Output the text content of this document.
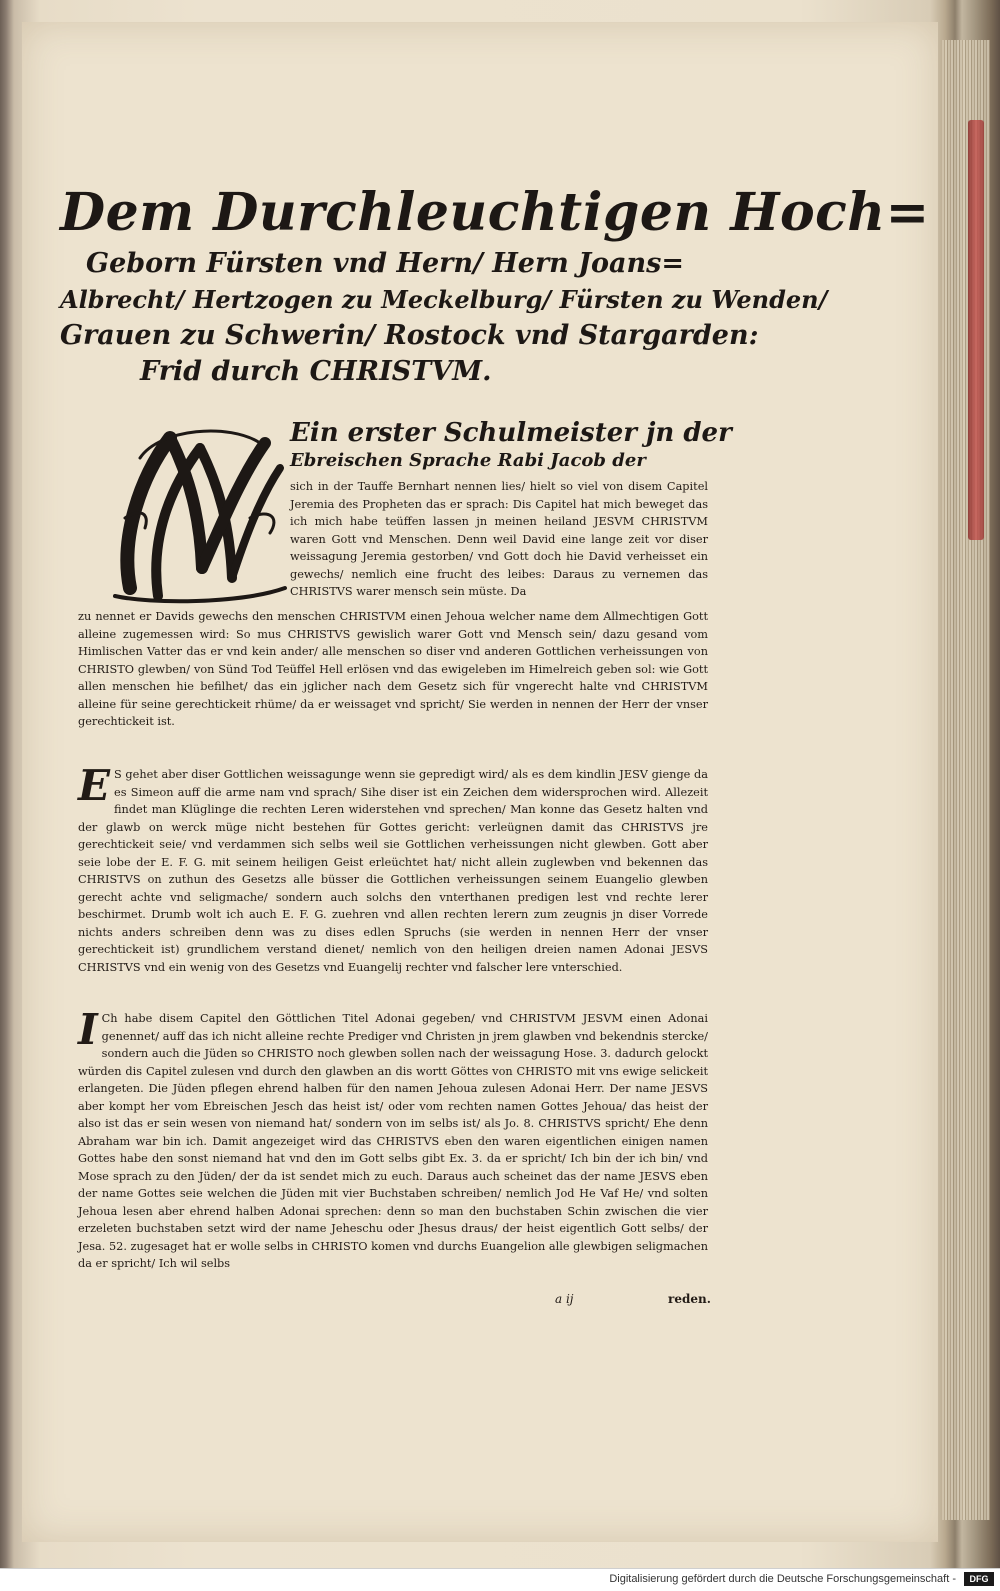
Dem Durchleuchtigen Hoch=
Geborn Fürsten vnd Hern/ Hern Joans=
Albrecht/ Hertzogen zu Meckelburg/ Fürsten zu Wenden/
Grauen zu Schwerin/ Rostock vnd Stargarden:
Frid durch CHRISTVM.
Ein erster Schulmeister jn der
Ebreischen Sprache Rabi Jacob der
sich in der Tauffe Bernhart nennen lies/ hielt so viel von disem Capitel Jeremia des Propheten das er sprach: Dis Capitel hat mich beweget das ich mich habe teüffen lassen jn meinen heiland JESVM CHRISTVM waren Gott vnd Menschen. Denn weil David eine lange zeit vor diser weissagung Jeremia gestorben/ vnd Gott doch hie David verheisset ein gewechs/ nemlich eine frucht des leibes: Daraus zu vernemen das CHRISTVS warer mensch sein müste. Da
zu nennet er Davids gewechs den menschen CHRISTVM einen Jehoua welcher name dem Allmechtigen Gott alleine zugemessen wird: So mus CHRISTVS gewislich warer Gott vnd Mensch sein/ dazu gesand vom Himlischen Vatter das er vnd kein ander/ alle menschen so diser vnd anderen Gottlichen verheissungen von CHRISTO glewben/ von Sünd Tod Teüffel Hell erlösen vnd das ewigeleben im Himelreich geben sol: wie Gott allen menschen hie befilhet/ das ein jglicher nach dem Gesetz sich für vngerecht halte vnd CHRISTVM alleine für seine gerechtickeit rhüme/ da er weissaget vnd spricht/ Sie werden in nennen der Herr der vnser gerechtickeit ist.
E S gehet aber diser Gottlichen weissagunge wenn sie gepredigt wird/ als es dem kindlin JESV gienge da es Simeon auff die arme nam vnd sprach/ Sihe diser ist ein Zeichen dem widersprochen wird. Allezeit findet man Klüglinge die rechten Leren widerstehen vnd sprechen/ Man konne das Gesetz halten vnd der glawb on werck müge nicht bestehen für Gottes gericht: verleügnen damit das CHRISTVS jre gerechtickeit seie/ vnd verdammen sich selbs weil sie Gottlichen verheissungen nicht glewben. Gott aber seie lobe der E. F. G. mit seinem heiligen Geist erleüchtet hat/ nicht allein zuglewben vnd bekennen das CHRISTVS on zuthun des Gesetzs alle büsser die Gottlichen verheissungen seinem Euangelio glewben gerecht achte vnd seligmache/ sondern auch solchs den vnterthanen predigen lest vnd rechte lerer beschirmet. Drumb wolt ich auch E. F. G. zuehren vnd allen rechten lerern zum zeugnis jn diser Vorrede nichts anders schreiben denn was zu dises edlen Spruchs (sie werden in nennen Herr der vnser gerechtickeit ist) grundlichem verstand dienet/ nemlich von den heiligen dreien namen Adonai JESVS CHRISTVS vnd ein wenig von des Gesetzs vnd Euangelij rechter vnd falscher lere vnterschied.
I Ch habe disem Capitel den Göttlichen Titel Adonai gegeben/ vnd CHRISTVM JESVM einen Adonai genennet/ auff das ich nicht alleine rechte Prediger vnd Christen jn jrem glawben vnd bekendnis stercke/ sondern auch die Jüden so CHRISTO noch glewben sollen nach der weissagung Hose. 3. dadurch gelockt würden dis Capitel zulesen vnd durch den glawben an dis wortt Göttes von CHRISTO mit vns ewige selickeit erlangeten. Die Jüden pflegen ehrend halben für den namen Jehoua zulesen Adonai Herr. Der name JESVS aber kompt her vom Ebreischen Jesch das heist ist/ oder vom rechten namen Gottes Jehoua/ das heist der also ist das er sein wesen von niemand hat/ sondern von im selbs ist/ als Jo. 8. CHRISTVS spricht/ Ehe denn Abraham war bin ich. Damit angezeiget wird das CHRISTVS eben den waren eigentlichen einigen namen Gottes habe den sonst niemand hat vnd den im Gott selbs gibt Ex. 3. da er spricht/ Ich bin der ich bin/ vnd Mose sprach zu den Jüden/ der da ist sendet mich zu euch. Daraus auch scheinet das der name JESVS eben der name Gottes seie welchen die Jüden mit vier Buchstaben schreiben/ nemlich Jod He Vaf He/ vnd solten Jehoua lesen aber ehrend halben Adonai sprechen: denn so man den buchstaben Schin zwischen die vier erzeleten buchstaben setzt wird der name Jeheschu oder Jhesus draus/ der heist eigentlich Gott selbs/ der Jesa. 52. zugesaget hat er wolle selbs in CHRISTO komen vnd durchs Euangelion alle glewbigen seligmachen da er spricht/ Ich wil selbs
a ij	reden.
Digitalisierung gefördert durch die Deutsche Forschungsgemeinschaft -	DFG
